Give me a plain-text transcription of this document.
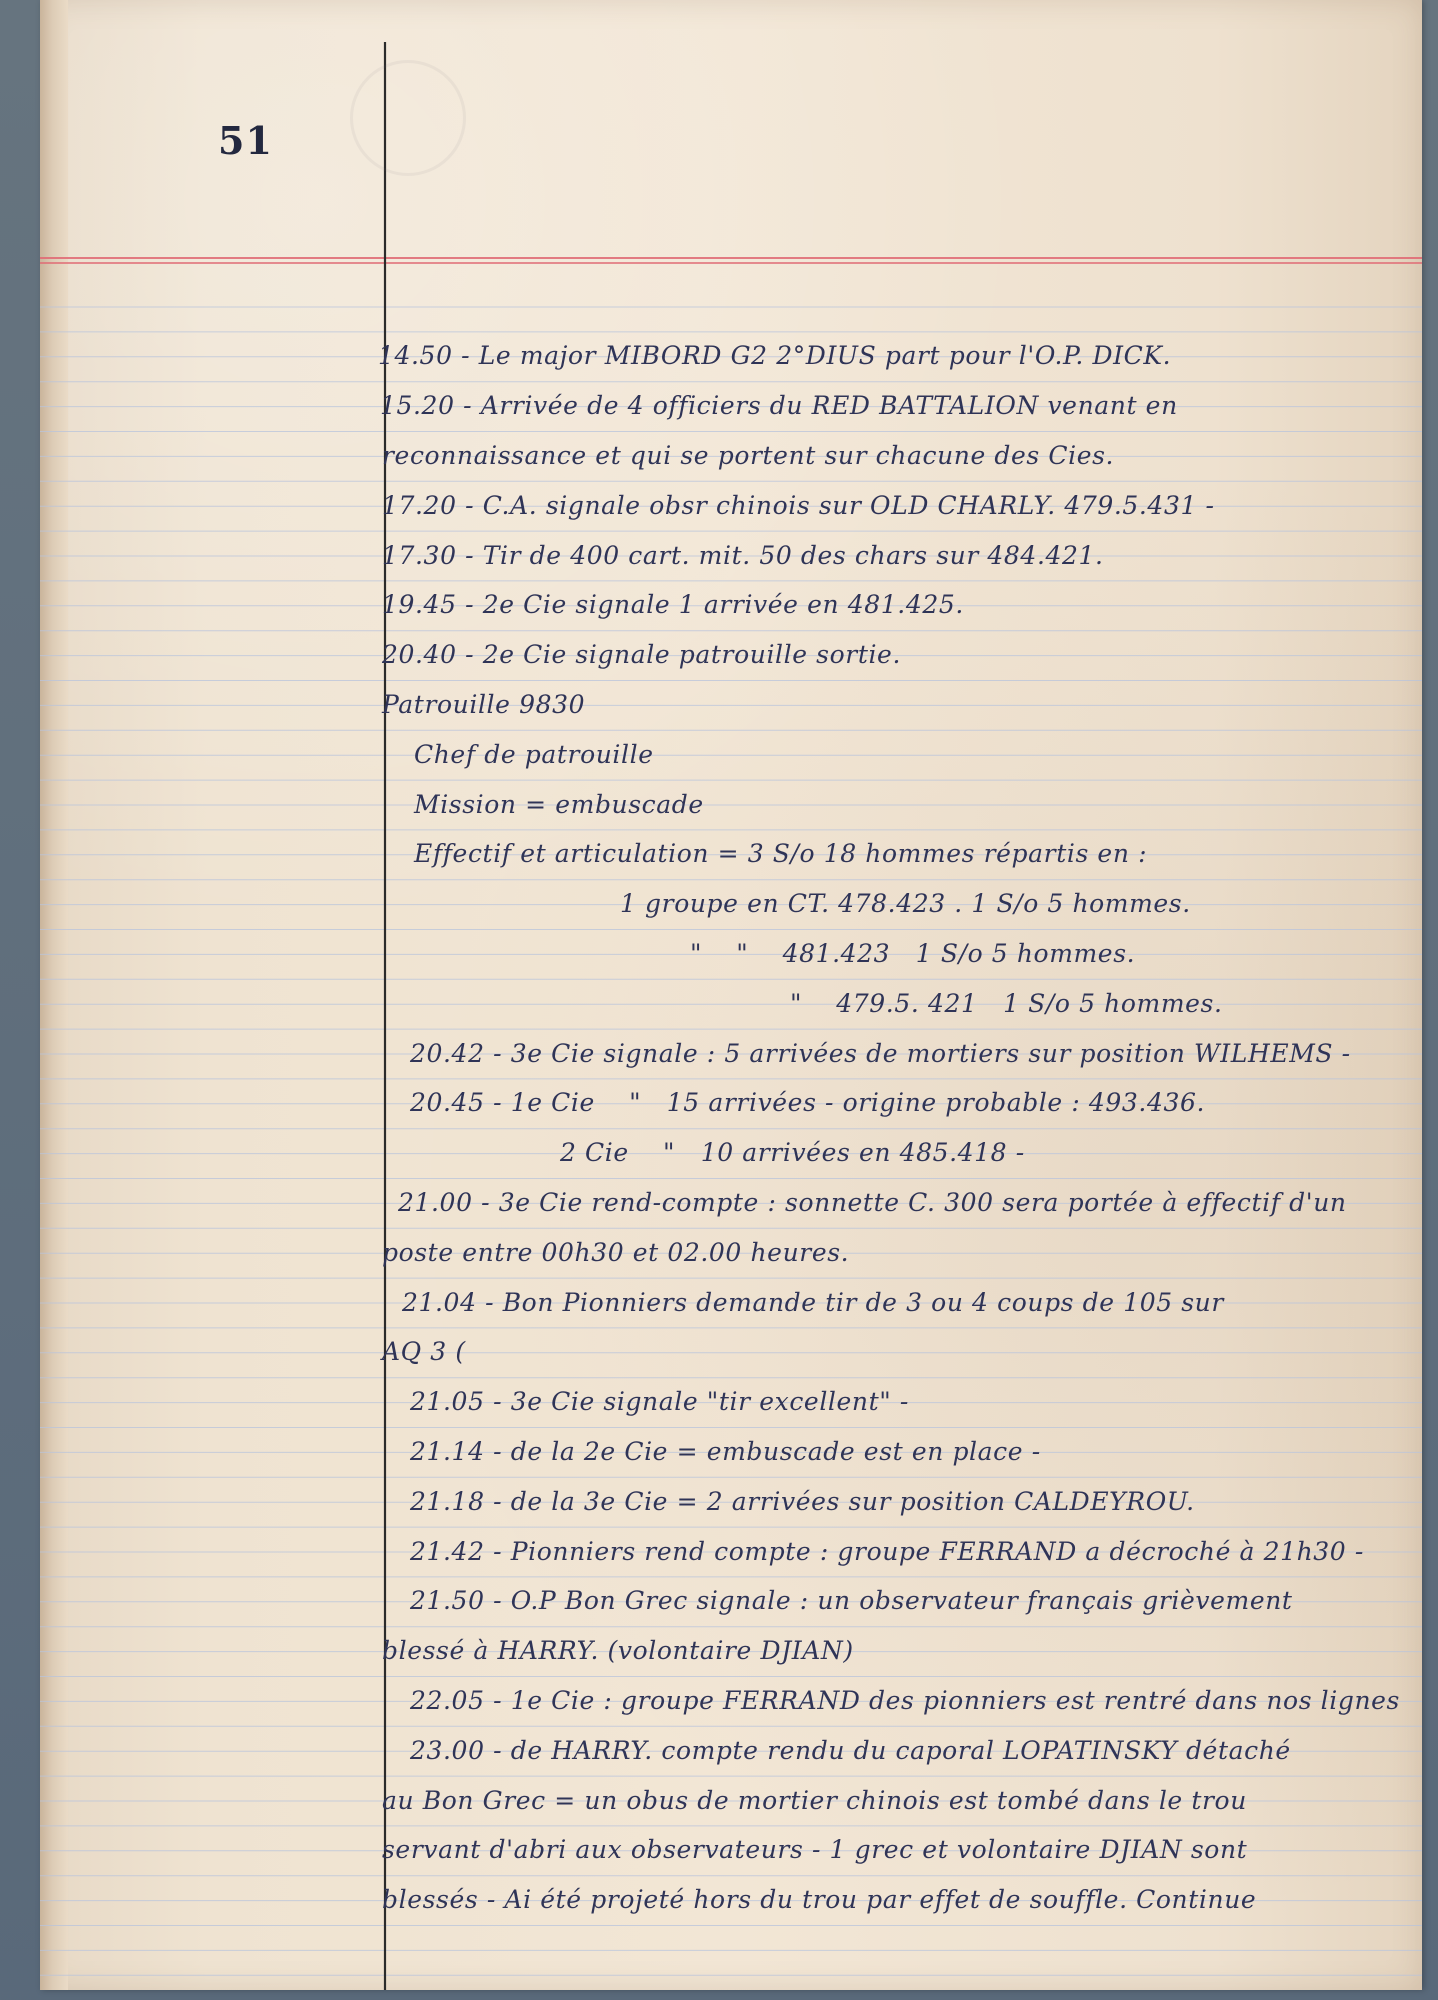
51
14.50 - Le major MIBORD G2 2°DIUS part pour l'O.P. DICK.
15.20 - Arrivée de 4 officiers du RED BATTALION venant en
reconnaissance et qui se portent sur chacune des Cies.
17.20 - C.A. signale obsr chinois sur OLD CHARLY. 479.5.431 -
17.30 - Tir de 400 cart. mit. 50 des chars sur 484.421.
19.45 - 2e Cie signale 1 arrivée en 481.425.
20.40 - 2e Cie signale patrouille sortie.
Patrouille 9830
Chef de patrouille
Mission = embuscade
Effectif et articulation = 3 S/o 18 hommes répartis en :
1 groupe en CT. 478.423 . 1 S/o 5 hommes.
"    "    481.423   1 S/o 5 hommes.
"    479.5. 421   1 S/o 5 hommes.
20.42 - 3e Cie signale : 5 arrivées de mortiers sur position WILHEMS -
20.45 - 1e Cie    "   15 arrivées - origine probable : 493.436.
2 Cie    "   10 arrivées en 485.418 -
21.00 - 3e Cie rend-compte : sonnette C. 300 sera portée à effectif d'un
poste entre 00h30 et 02.00 heures.
21.04 - Bon Pionniers demande tir de 3 ou 4 coups de 105 sur
AQ 3 (
21.05 - 3e Cie signale "tir excellent" -
21.14 - de la 2e Cie = embuscade est en place -
21.18 - de la 3e Cie = 2 arrivées sur position CALDEYROU.
21.42 - Pionniers rend compte : groupe FERRAND a décroché à 21h30 -
21.50 - O.P Bon Grec signale : un observateur français grièvement
blessé à HARRY. (volontaire DJIAN)
22.05 - 1e Cie : groupe FERRAND des pionniers est rentré dans nos lignes
23.00 - de HARRY. compte rendu du caporal LOPATINSKY détaché
au Bon Grec = un obus de mortier chinois est tombé dans le trou
servant d'abri aux observateurs - 1 grec et volontaire DJIAN sont
blessés - Ai été projeté hors du trou par effet de souffle. Continue
